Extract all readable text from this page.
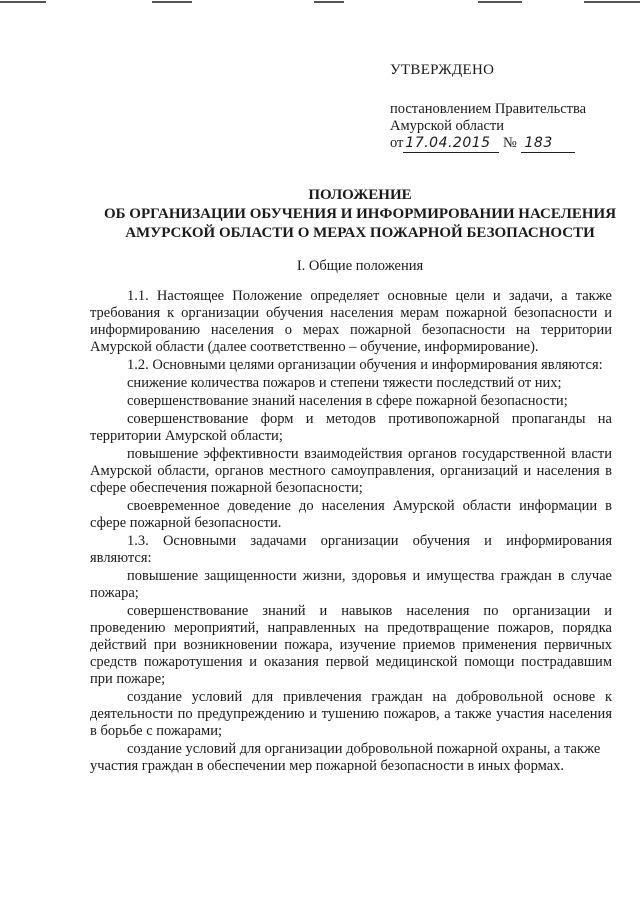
УТВЕРЖДЕНО
постановлением Правительства
Амурской области
от 17.04.2015 № 183
ПОЛОЖЕНИЕ
ОБ ОРГАНИЗАЦИИ ОБУЧЕНИЯ И ИНФОРМИРОВАНИИ НАСЕЛЕНИЯ
АМУРСКОЙ ОБЛАСТИ О МЕРАХ ПОЖАРНОЙ БЕЗОПАСНОСТИ
I. Общие положения

1.1. Настоящее Положение определяет основные цели и задачи, а также требования к организации обучения населения мерам пожарной безопасности и информированию населения о мерах пожарной безопасности на территории Амурской области (далее соответственно – обучение, информирование).

1.2. Основными целями организации обучения и информирования являются:

снижение количества пожаров и степени тяжести последствий от них;

совершенствование знаний населения в сфере пожарной безопасности;

совершенствование форм и методов противопожарной пропаганды на территории Амурской области;

повышение эффективности взаимодействия органов государственной власти Амурской области, органов местного самоуправления, организаций и населения в сфере обеспечения пожарной безопасности;

своевременное доведение до населения Амурской области информации в сфере пожарной безопасности.

1.3. Основными задачами организации обучения и информирования являются:

повышение защищенности жизни, здоровья и имущества граждан в случае пожара;

совершенствование знаний и навыков населения по организации и проведению мероприятий, направленных на предотвращение пожаров, порядка действий при возникновении пожара, изучение приемов применения первичных средств пожаротушения и оказания первой медицинской помощи пострадавшим при пожаре;

создание условий для привлечения граждан на добровольной основе к деятельности по предупреждению и тушению пожаров, а также участия населения в борьбе с пожарами;

создание условий для организации добровольной пожарной охраны, а также участия граждан в обеспечении мер пожарной безопасности в иных формах.
